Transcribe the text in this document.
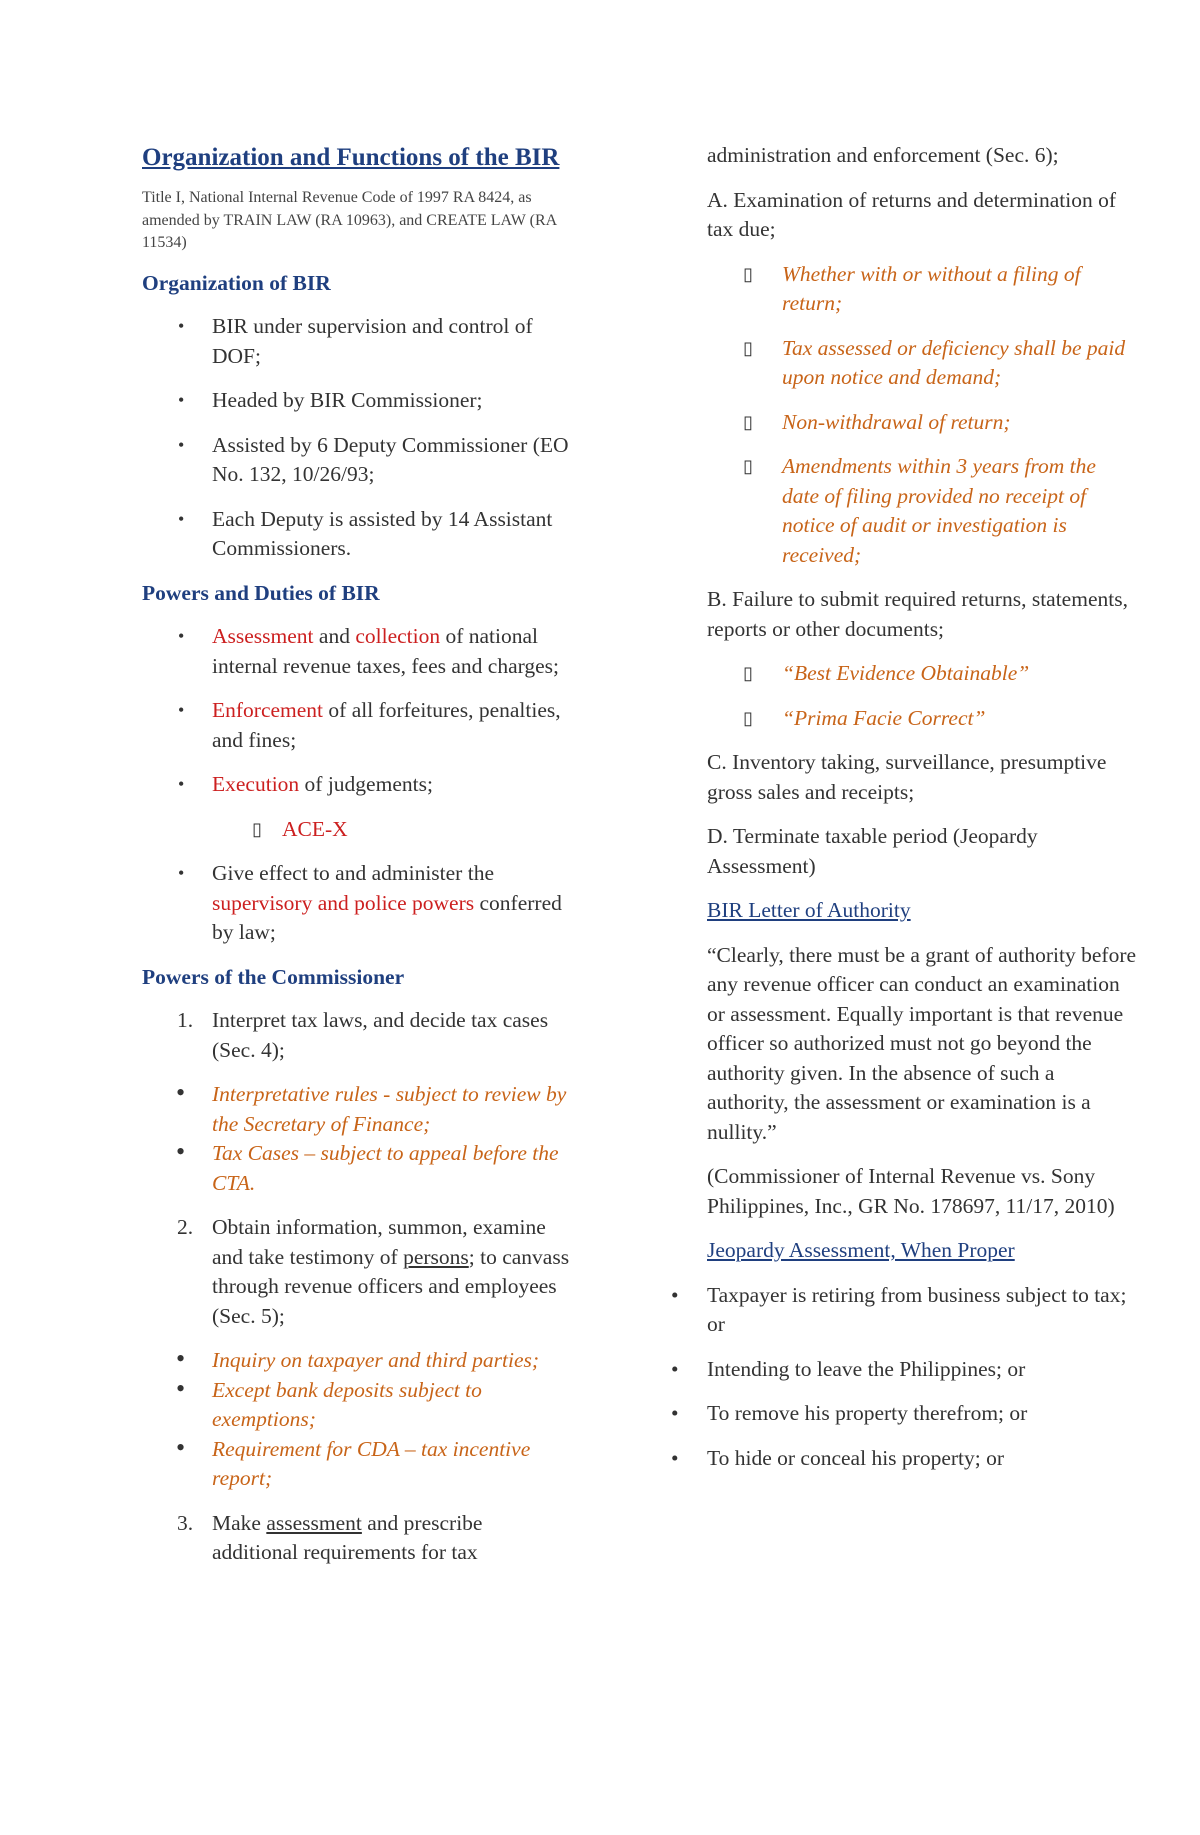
Organization and Functions of the BIR
Title I, National Internal Revenue Code of 1997 RA 8424, as amended by TRAIN LAW (RA 10963), and CREATE LAW (RA 11534)
Organization of BIR
• BIR under supervision and control of DOF;
• Headed by BIR Commissioner;
• Assisted by 6 Deputy Commissioner (EO No. 132, 10/26/93;
• Each Deputy is assisted by 14 Assistant Commissioners.
Powers and Duties of BIR
• Assessment and collection of national internal revenue taxes, fees and charges;
• Enforcement of all forfeitures, penalties, and fines;
• Execution of judgements;
▯ ACE-X
• Give effect to and administer the supervisory and police powers conferred by law;
Powers of the Commissioner
1. Interpret tax laws, and decide tax cases (Sec. 4);
• Interpretative rules - subject to review by the Secretary of Finance;
• Tax Cases – subject to appeal before the CTA.
2. Obtain information, summon, examine and take testimony of persons; to canvass through revenue officers and employees (Sec. 5);
• Inquiry on taxpayer and third parties;
• Except bank deposits subject to exemptions;
• Requirement for CDA – tax incentive report;
3. Make assessment and prescribe additional requirements for tax

administration and enforcement (Sec. 6);

A. Examination of returns and determination of tax due;

▯ Whether with or without a filing of return;
▯ Tax assessed or deficiency shall be paid upon notice and demand;
▯ Non-withdrawal of return;
▯ Amendments within 3 years from the date of filing provided no receipt of notice of audit or investigation is received;

B. Failure to submit required returns, statements, reports or other documents;

▯ “Best Evidence Obtainable”
▯ “Prima Facie Correct”

C. Inventory taking, surveillance, presumptive gross sales and receipts;

D. Terminate taxable period (Jeopardy Assessment)

BIR Letter of Authority

“Clearly, there must be a grant of authority before any revenue officer can conduct an examination or assessment. Equally important is that revenue officer so authorized must not go beyond the authority given. In the absence of such a authority, the assessment or examination is a nullity.”

(Commissioner of Internal Revenue vs. Sony Philippines, Inc., GR No. 178697, 11/17, 2010)

Jeopardy Assessment, When Proper

• Taxpayer is retiring from business subject to tax; or
• Intending to leave the Philippines; or
• To remove his property therefrom; or
• To hide or conceal his property; or
